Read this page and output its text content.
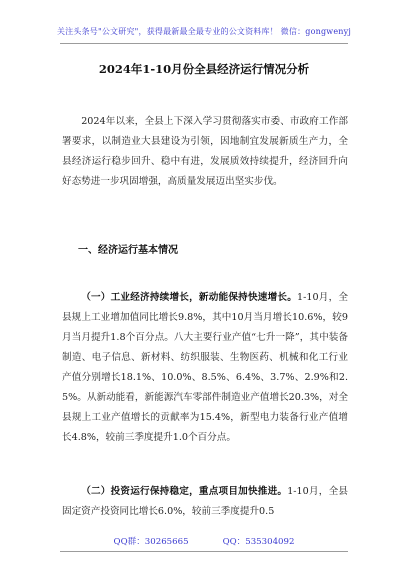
关注头条号"公文研究"，获得最新最全最专业的公文资料库！ 微信：gongwenyj
2024年1-10月份全县经济运行情况分析

2024年以来，全县上下深入学习贯彻落实市委、市政府工作部署要求，以制造业大县建设为引领，因地制宜发展新质生产力，全县经济运行稳步回升、稳中有进，发展质效持续提升，经济回升向好态势进一步巩固增强，高质量发展迈出坚实步伐。

一、经济运行基本情况

（一）工业经济持续增长，新动能保持快速增长。1-10月，全县规上工业增加值同比增长9.8%，其中10月当月增长10.6%，较9月当月提升1.8个百分点。八大主要行业产值“七升一降”，其中装备制造、电子信息、新材料、纺织服装、生物医药、机械和化工行业产值分别增长18.1%、10.0%、8.5%、6.4%、3.7%、2.9%和2.5%。从新动能看，新能源汽车零部件制造业产值增长20.3%，对全县规上工业产值增长的贡献率为15.4%，新型电力装备行业产值增长4.8%，较前三季度提升1.0个百分点。

（二）投资运行保持稳定，重点项目加快推进。1-10月，全县固定资产投资同比增长6.0%，较前三季度提升0.5

QQ群：30265665	QQ：535304092
